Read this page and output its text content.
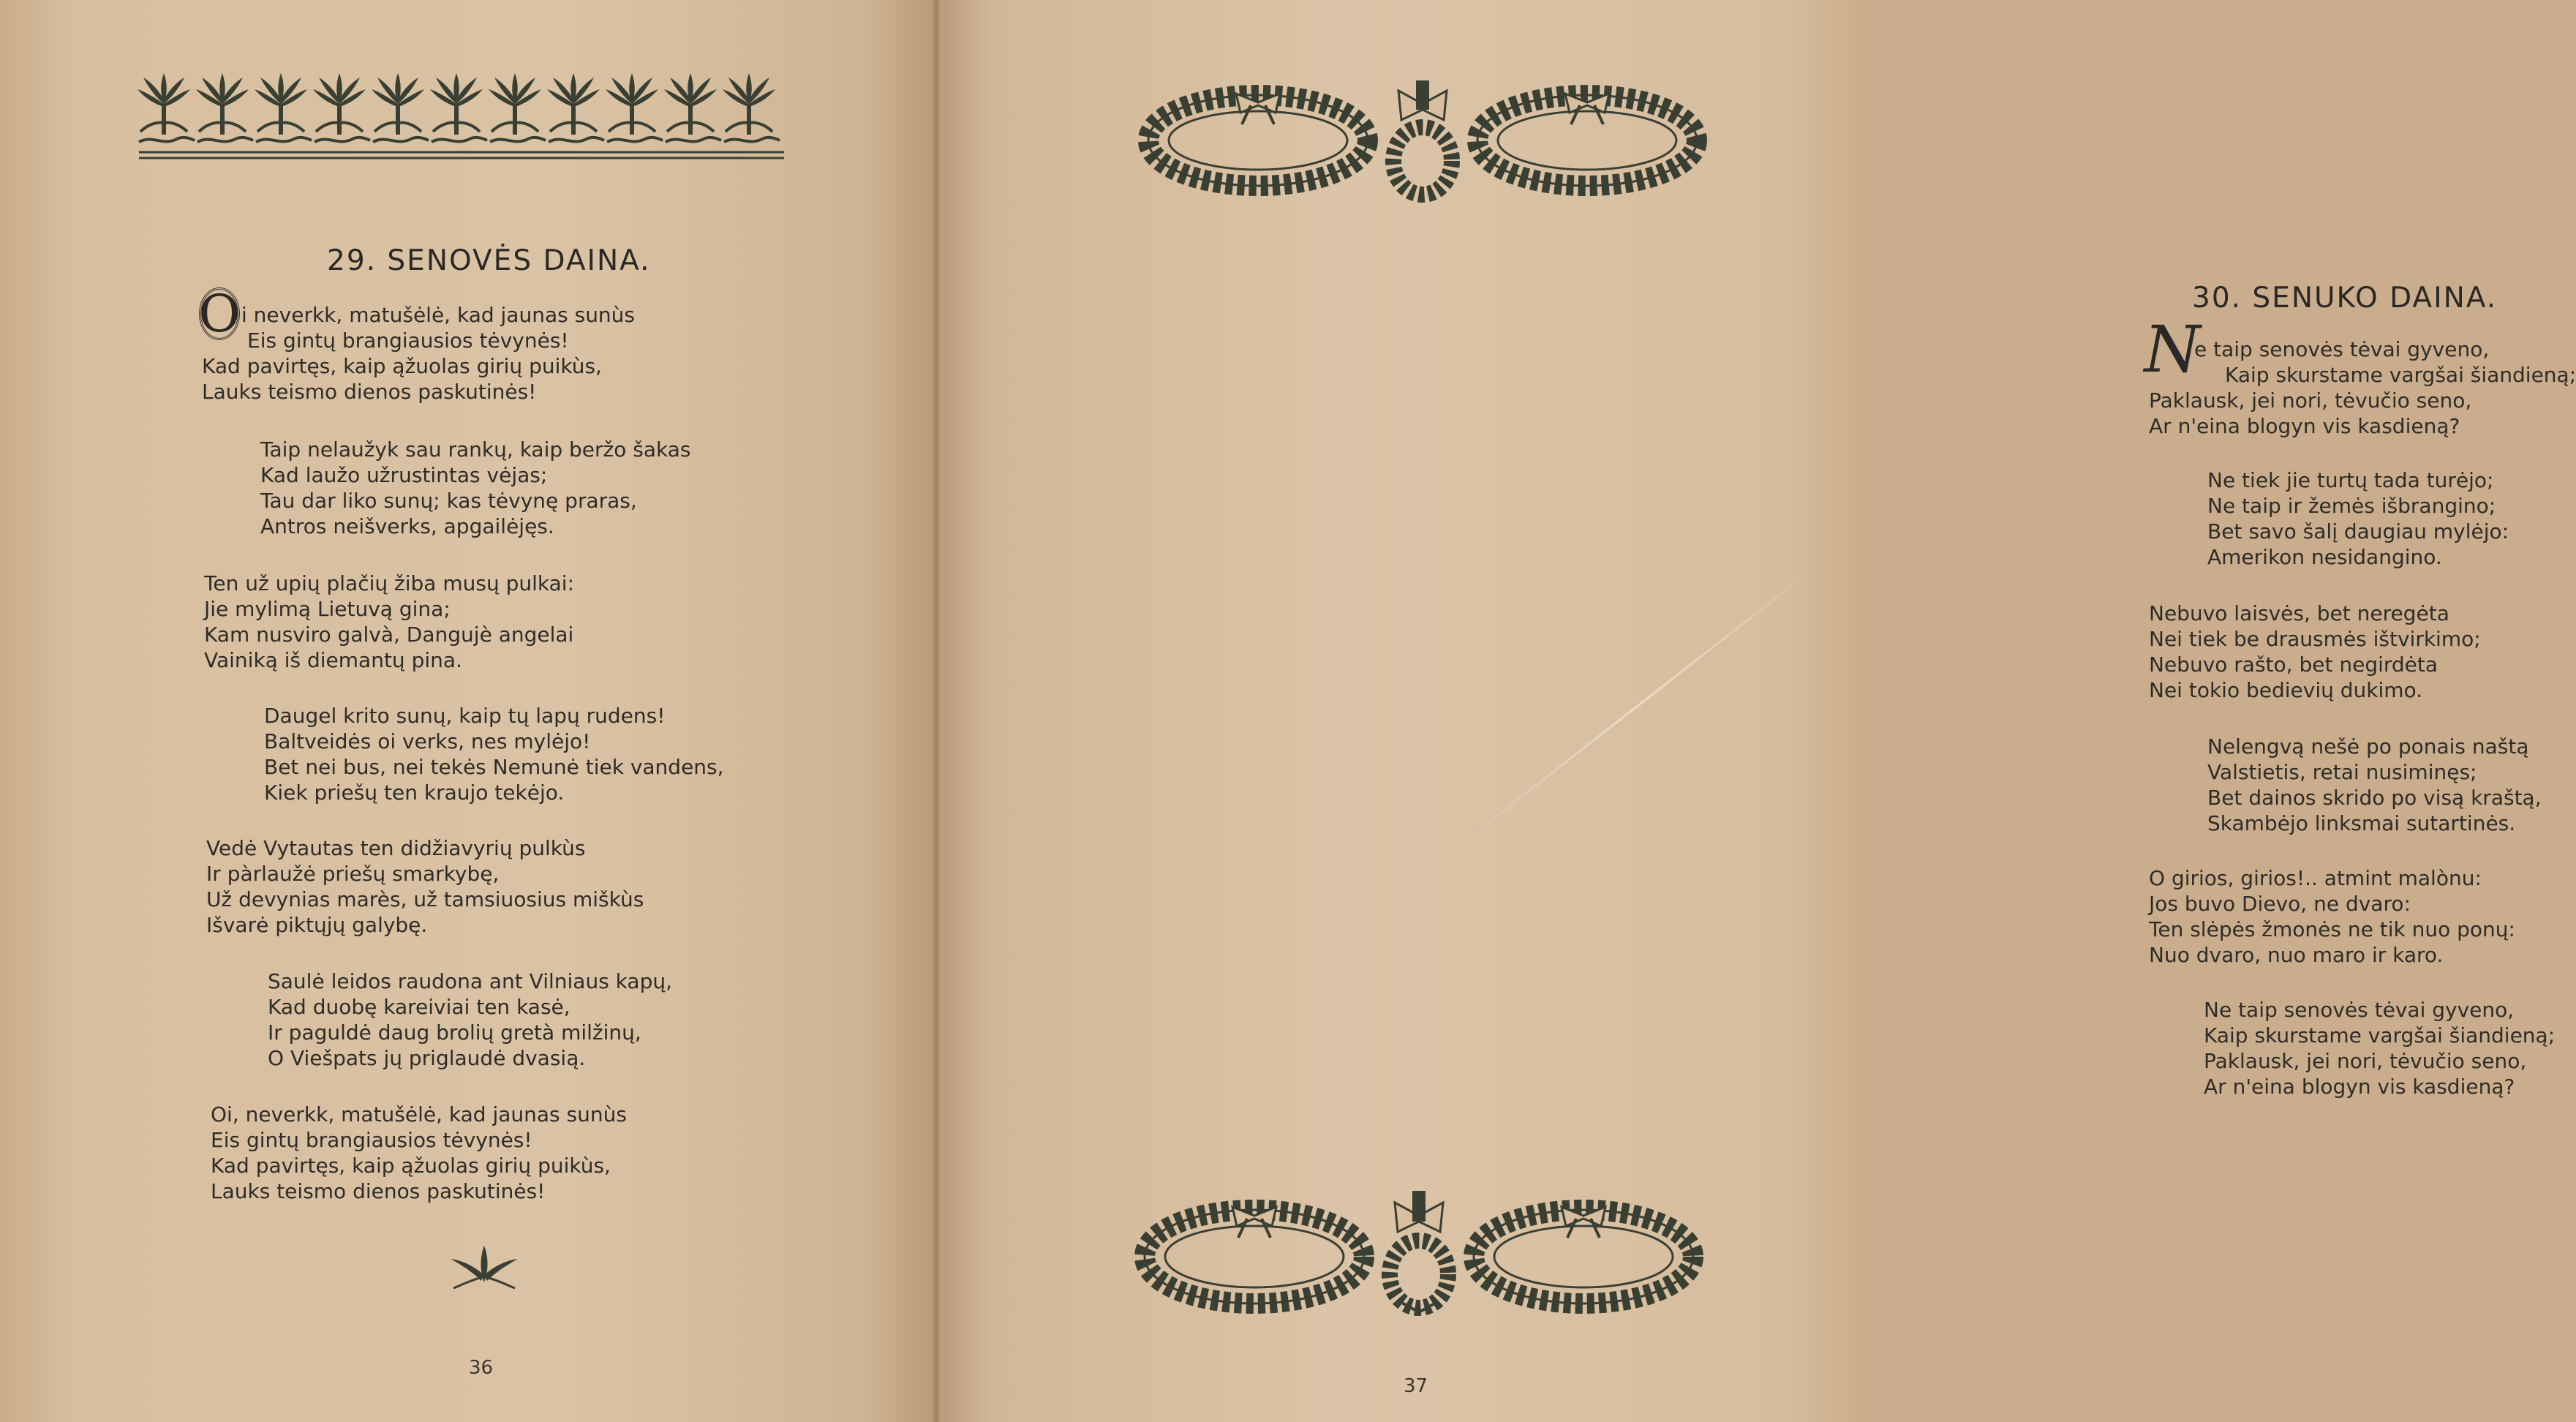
29. SENOVĖS DAINA.
O i neverkk, matušėlė, kad jaunas sunùs
Eis gintų brangiausios tėvynės!

Kad pavirtęs, kaip ąžuolas girių puikùs,
Lauks teismo dienos paskutinės!

Taip nelaužyk sau rankų, kaip beržo šakas
Kad laužo užrustintas vėjas;
Tau dar liko sunų; kas tėvynę praras,
Antros neišverks, apgailėjęs.

Ten už upių plačių žiba musų pulkai:
Jie mylimą Lietuvą gina;
Kam nusviro galvà, Dangujè angelai
Vainiką iš diemantų pina.

Daugel krito sunų, kaip tų lapų rudens!
Baltveidės oi verks, nes mylėjo!
Bet nei bus, nei tekės Nemunė tiek vandens,
Kiek priešų ten kraujo tekėjo.

Vedė Vytautas ten didžiavyrių pulkùs
Ir pàrlaužė priešų smarkybę,
Už devynias marès, už tamsiuosius miškùs
Išvarė piktųjų galybę.

Saulė leidos raudona ant Vilniaus kapų,
Kad duobę kareiviai ten kasė,
Ir paguldė daug brolių gretà milžinų,
O Viešpats jų priglaudė dvasią.

Oi, neverkk, matušėlė, kad jaunas sunùs
Eis gintų brangiausios tėvynės!
Kad pavirtęs, kaip ąžuolas girių puikùs,
Lauks teismo dienos paskutinės!

36

30. SENUKO DAINA.
N

e taip senovės tėvai gyveno,
Kaip skurstame vargšai šiandieną;

Paklausk, jei nori, tėvučio seno,
Ar n'eina blogyn vis kasdieną?

Ne tiek jie turtų tada turėjo;
Ne taip ir žemės išbrangino;
Bet savo šalį daugiau mylėjo:
Amerikon nesidangino.

Nebuvo laisvės, bet neregėta
Nei tiek be drausmės ištvirkimo;
Nebuvo rašto, bet negirdėta
Nei tokio bedievių dukimo.

Nelengvą nešė po ponais naštą
Valstietis, retai nusiminęs;
Bet dainos skrido po visą kraštą,
Skambėjo linksmai sutartinės.

O girios, girios!.. atmint malònu:
Jos buvo Dievo, ne dvaro:
Ten slėpės žmonės ne tik nuo ponų:
Nuo dvaro, nuo maro ir karo.

Ne taip senovės tėvai gyveno,
Kaip skurstame vargšai šiandieną;
Paklausk, jei nori, tėvučio seno,
Ar n'eina blogyn vis kasdieną?

37
